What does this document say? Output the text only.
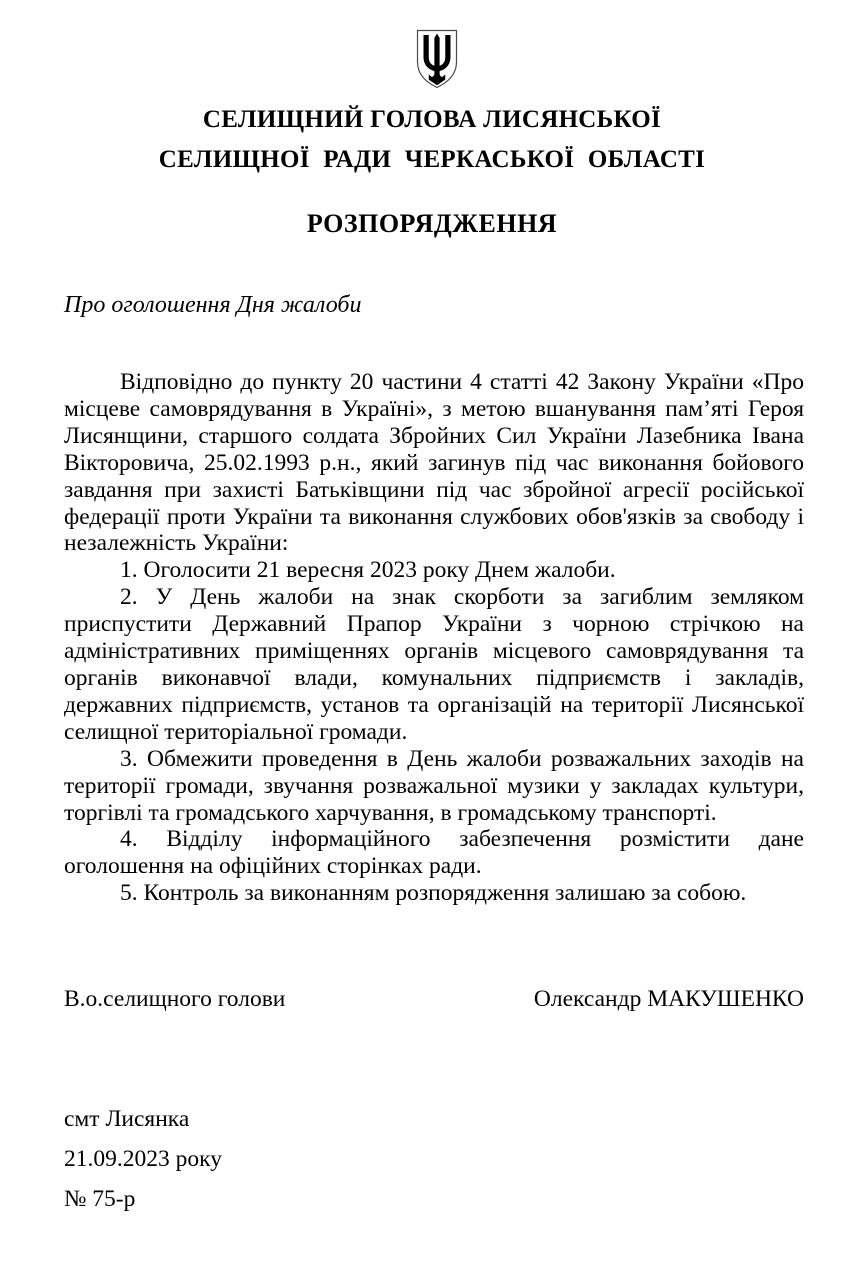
СЕЛИЩНИЙ ГОЛОВА ЛИСЯНСЬКОЇ
СЕЛИЩНОЇ РАДИ ЧЕРКАСЬКОЇ ОБЛАСТІ
РОЗПОРЯДЖЕННЯ
Про оголошення Дня жалоби

Відповідно до пункту 20 частини 4 статті 42 Закону України «Про місцеве самоврядування в Україні», з метою вшанування пам’яті Героя Лисянщини, старшого солдата Збройних Сил України Лазебника Івана Вікторовича, 25.02.1993 р.н., який загинув під час виконання бойового завдання при захисті Батьківщини під час збройної агресії російської федерації проти України та виконання службових обов'язків за свободу і незалежність України:

1. Оголосити 21 вересня 2023 року Днем жалоби.

2. У День жалоби на знак скорботи за загиблим земляком приспустити Державний Прапор України з чорною стрічкою на адміністративних приміщеннях органів місцевого самоврядування та органів виконавчої влади, комунальних підприємств і закладів, державних підприємств, установ та організацій на території Лисянської селищної територіальної громади.

3. Обмежити проведення в День жалоби розважальних заходів на території громади, звучання розважальної музики у закладах культури, торгівлі та громадського харчування, в громадському транспорті.

4. Відділу інформаційного забезпечення розмістити дане оголошення на офіційних сторінках ради.

5. Контроль за виконанням розпорядження залишаю за собою.

В.о.селищного голови	Олександр МАКУШЕНКО
смт Лисянка
21.09.2023 року
№ 75-р
